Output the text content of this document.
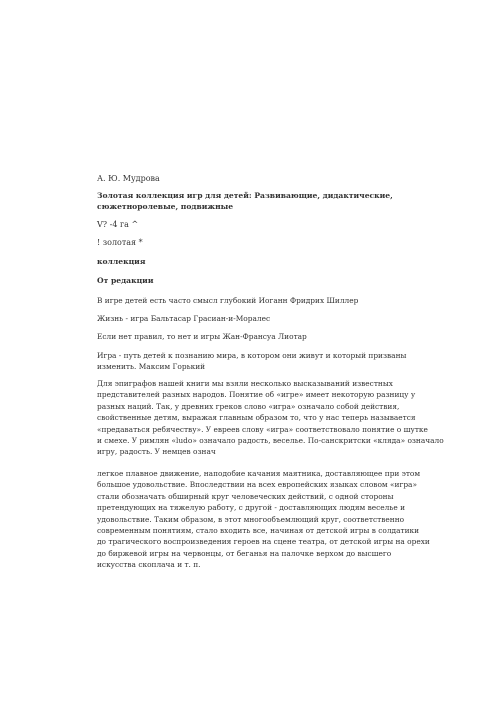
А. Ю. Мудрова
Золотая коллекция игр для детей: Развивающие, дидактические,
сюжетноролевые, подвижные
V? -4 га ^
! золотая *
коллекция
От редакции
В игре детей есть часто смысл глубокий Иоганн Фридрих Шиллер
Жизнь - игра Бальтасар Грасиан-и-Моралес
Если нет правил, то нет и игры Жан-Франсуа Лиотар
Игра - путь детей к познанию мира, в котором они живут и который призваны
изменить. Максим Горький
Для эпиграфов нашей книги мы взяли несколько высказываний известных
представителей разных народов. Понятие об «игре» имеет некоторую разницу у
разных наций. Так, у древних греков слово «игра» означало собой действия,
свойственные детям, выражая главным образом то, что у нас теперь называется
«предаваться ребячеству». У евреев слову «игра» соответствовало понятие о шутке
и смехе. У римлян «ludo» означало радость, веселье. По-санскритски «кляда» означало
игру, радость. У немцев означ
легкое плавное движение, наподобие качания маятника, доставляющее при этом
большое удовольствие. Впоследствии на всех европейских языках словом «игра»
стали обозначать обширный круг человеческих действий, с одной стороны
претендующих на тяжелую работу, с другой - доставляющих людям веселье и
удовольствие. Таким образом, в этот многообъемлющий круг, соответственно
современным понятиям, стало входить все, начиная от детской игры в солдатики
до трагического воспроизведения героев на сцене театра, от детской игры на орехи
до биржевой игры на червонцы, от беганья на палочке верхом до высшего
искусства скоплача и т. п.
